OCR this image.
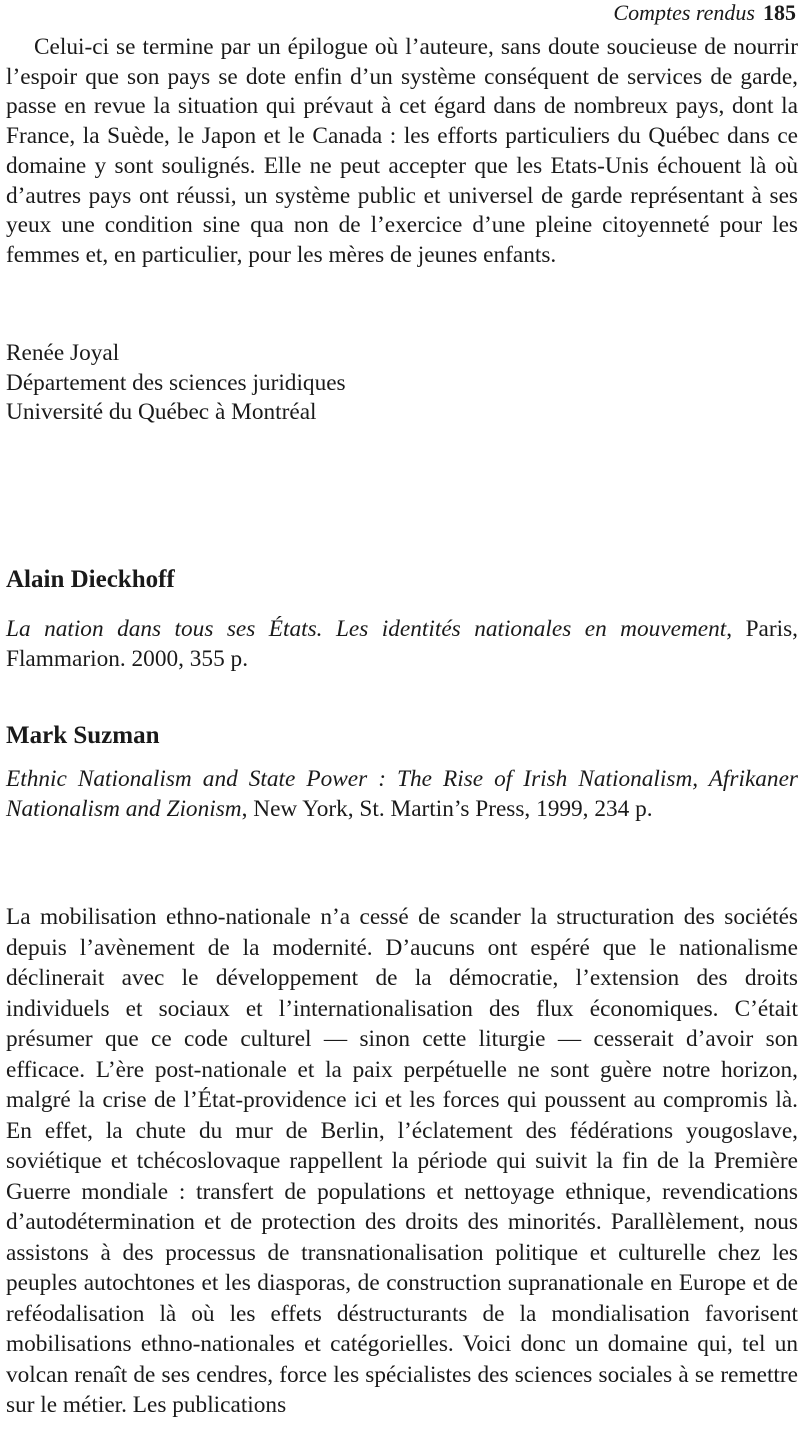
Comptes rendus 185

Celui-ci se termine par un épilogue où l’auteure, sans doute soucieuse de nourrir l’espoir que son pays se dote enfin d’un système conséquent de services de garde, passe en revue la situation qui prévaut à cet égard dans de nombreux pays, dont la France, la Suède, le Japon et le Canada : les efforts particuliers du Québec dans ce domaine y sont soulignés. Elle ne peut accepter que les Etats-Unis échouent là où d’autres pays ont réussi, un système public et universel de garde représentant à ses yeux une condition sine qua non de l’exercice d’une pleine citoyenneté pour les femmes et, en particulier, pour les mères de jeunes enfants.

Renée Joyal
Département des sciences juridiques
Université du Québec à Montréal
Alain Dieckhoff

La nation dans tous ses États. Les identités nationales en mouvement, Paris, Flammarion. 2000, 355 p.

Mark Suzman

Ethnic Nationalism and State Power : The Rise of Irish Nationalism, Afrikaner Nationalism and Zionism, New York, St. Martin’s Press, 1999, 234 p.

La mobilisation ethno-nationale n’a cessé de scander la structuration des sociétés depuis l’avènement de la modernité. D’aucuns ont espéré que le nationalisme déclinerait avec le développement de la démocratie, l’extension des droits individuels et sociaux et l’internationalisation des flux économiques. C’était présumer que ce code culturel — sinon cette liturgie — cesserait d’avoir son efficace. L’ère post-nationale et la paix perpétuelle ne sont guère notre horizon, malgré la crise de l’État-providence ici et les forces qui poussent au compromis là. En effet, la chute du mur de Berlin, l’éclatement des fédérations yougoslave, soviétique et tchécoslovaque rappellent la période qui suivit la fin de la Première Guerre mondiale : transfert de populations et nettoyage ethnique, revendications d’autodétermination et de protection des droits des minorités. Parallèlement, nous assistons à des processus de transnationalisation politique et culturelle chez les peuples autochtones et les diasporas, de construction supranationale en Europe et de reféodalisation là où les effets déstructurants de la mondialisation favorisent mobilisations ethno-nationales et catégorielles. Voici donc un domaine qui, tel un volcan renaît de ses cendres, force les spécialistes des sciences sociales à se remettre sur le métier. Les publications
